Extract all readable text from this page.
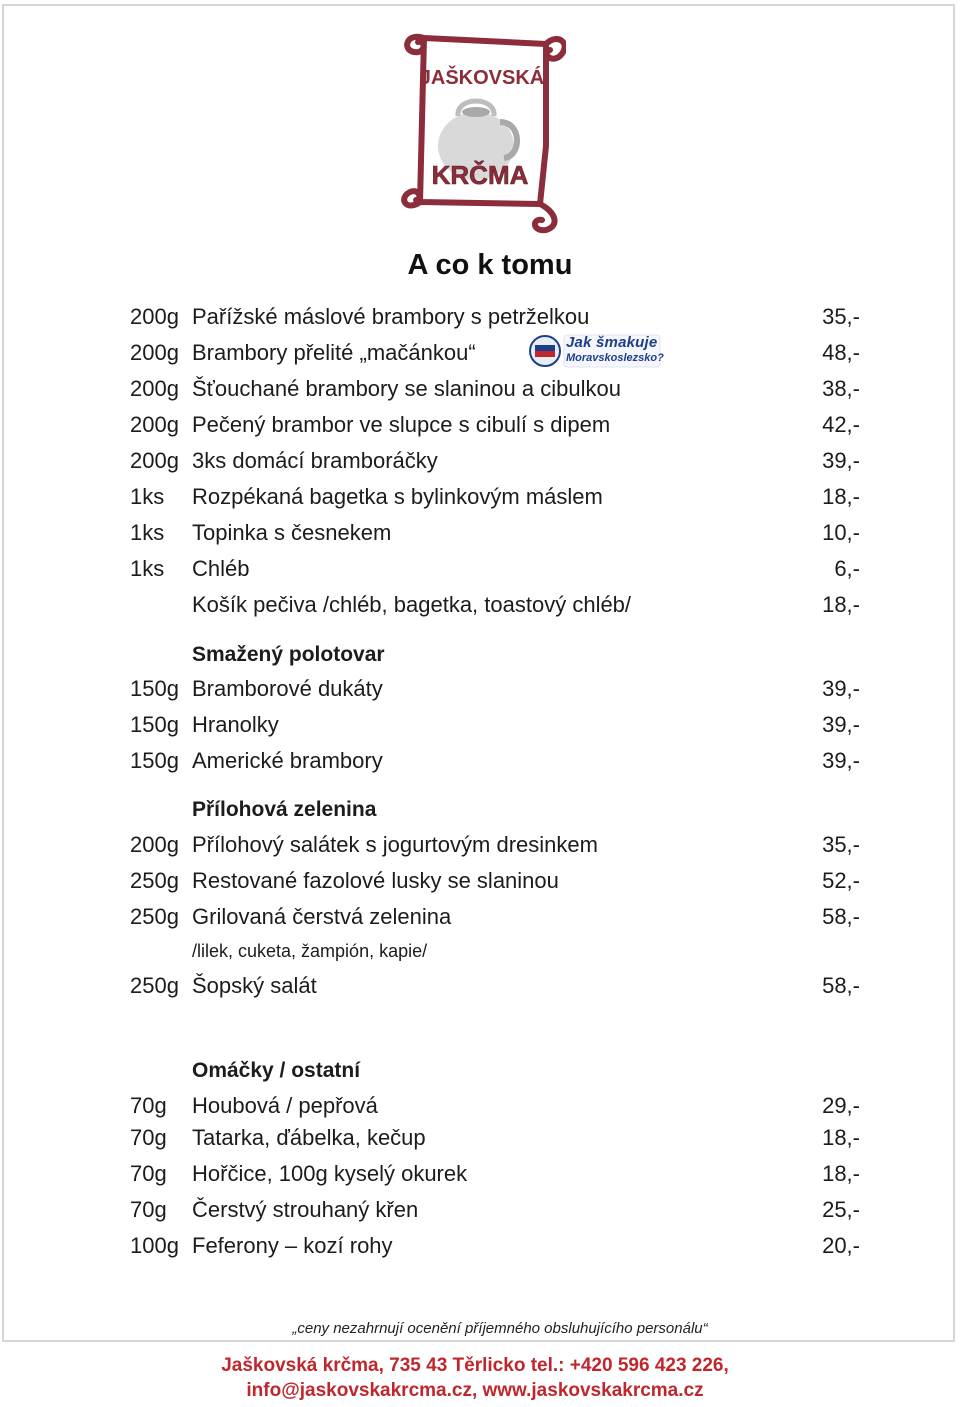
JAŠKOVSKÁ
KRČMA
A co k tomu
200g Pařížské máslové brambory s petrželkou	35,-
200g Brambory přelité „mačánkou“	48,-
Jak šmakuje
Moravskoslezsko?
200g Šťouchané brambory se slaninou a cibulkou	38,-
200g Pečený brambor ve slupce s cibulí s dipem	42,-
200g 3ks domácí bramboráčky	39,-
1ks Rozpékaná bagetka s bylinkovým máslem	18,-
1ks Topinka s česnekem	10,-
1ks Chléb	6,-
Košík pečiva /chléb, bagetka, toastový chléb/	18,-
Smažený polotovar
150g Bramborové dukáty	39,-
150g Hranolky	39,-
150g Americké brambory	39,-
Přílohová zelenina
200g Přílohový salátek s jogurtovým dresinkem	35,-
250g Restované fazolové lusky se slaninou	52,-
250g Grilovaná čerstvá zelenina	58,-
/lilek, cuketa, žampión, kapie/
250g Šopský salát	58,-
Omáčky / ostatní
70g Houbová / pepřová	29,-
70g Tatarka, ďábelka, kečup	18,-
70g Hořčice, 100g kyselý okurek	18,-
70g Čerstvý strouhaný křen	25,-
100g Feferony – kozí rohy	20,-
„ceny nezahrnují ocenění příjemného obsluhujícího personálu“
Jaškovská krčma, 735 43 Těrlicko tel.: +420 596 423 226,
info@jaskovskakrcma.cz, www.jaskovskakrcma.cz
